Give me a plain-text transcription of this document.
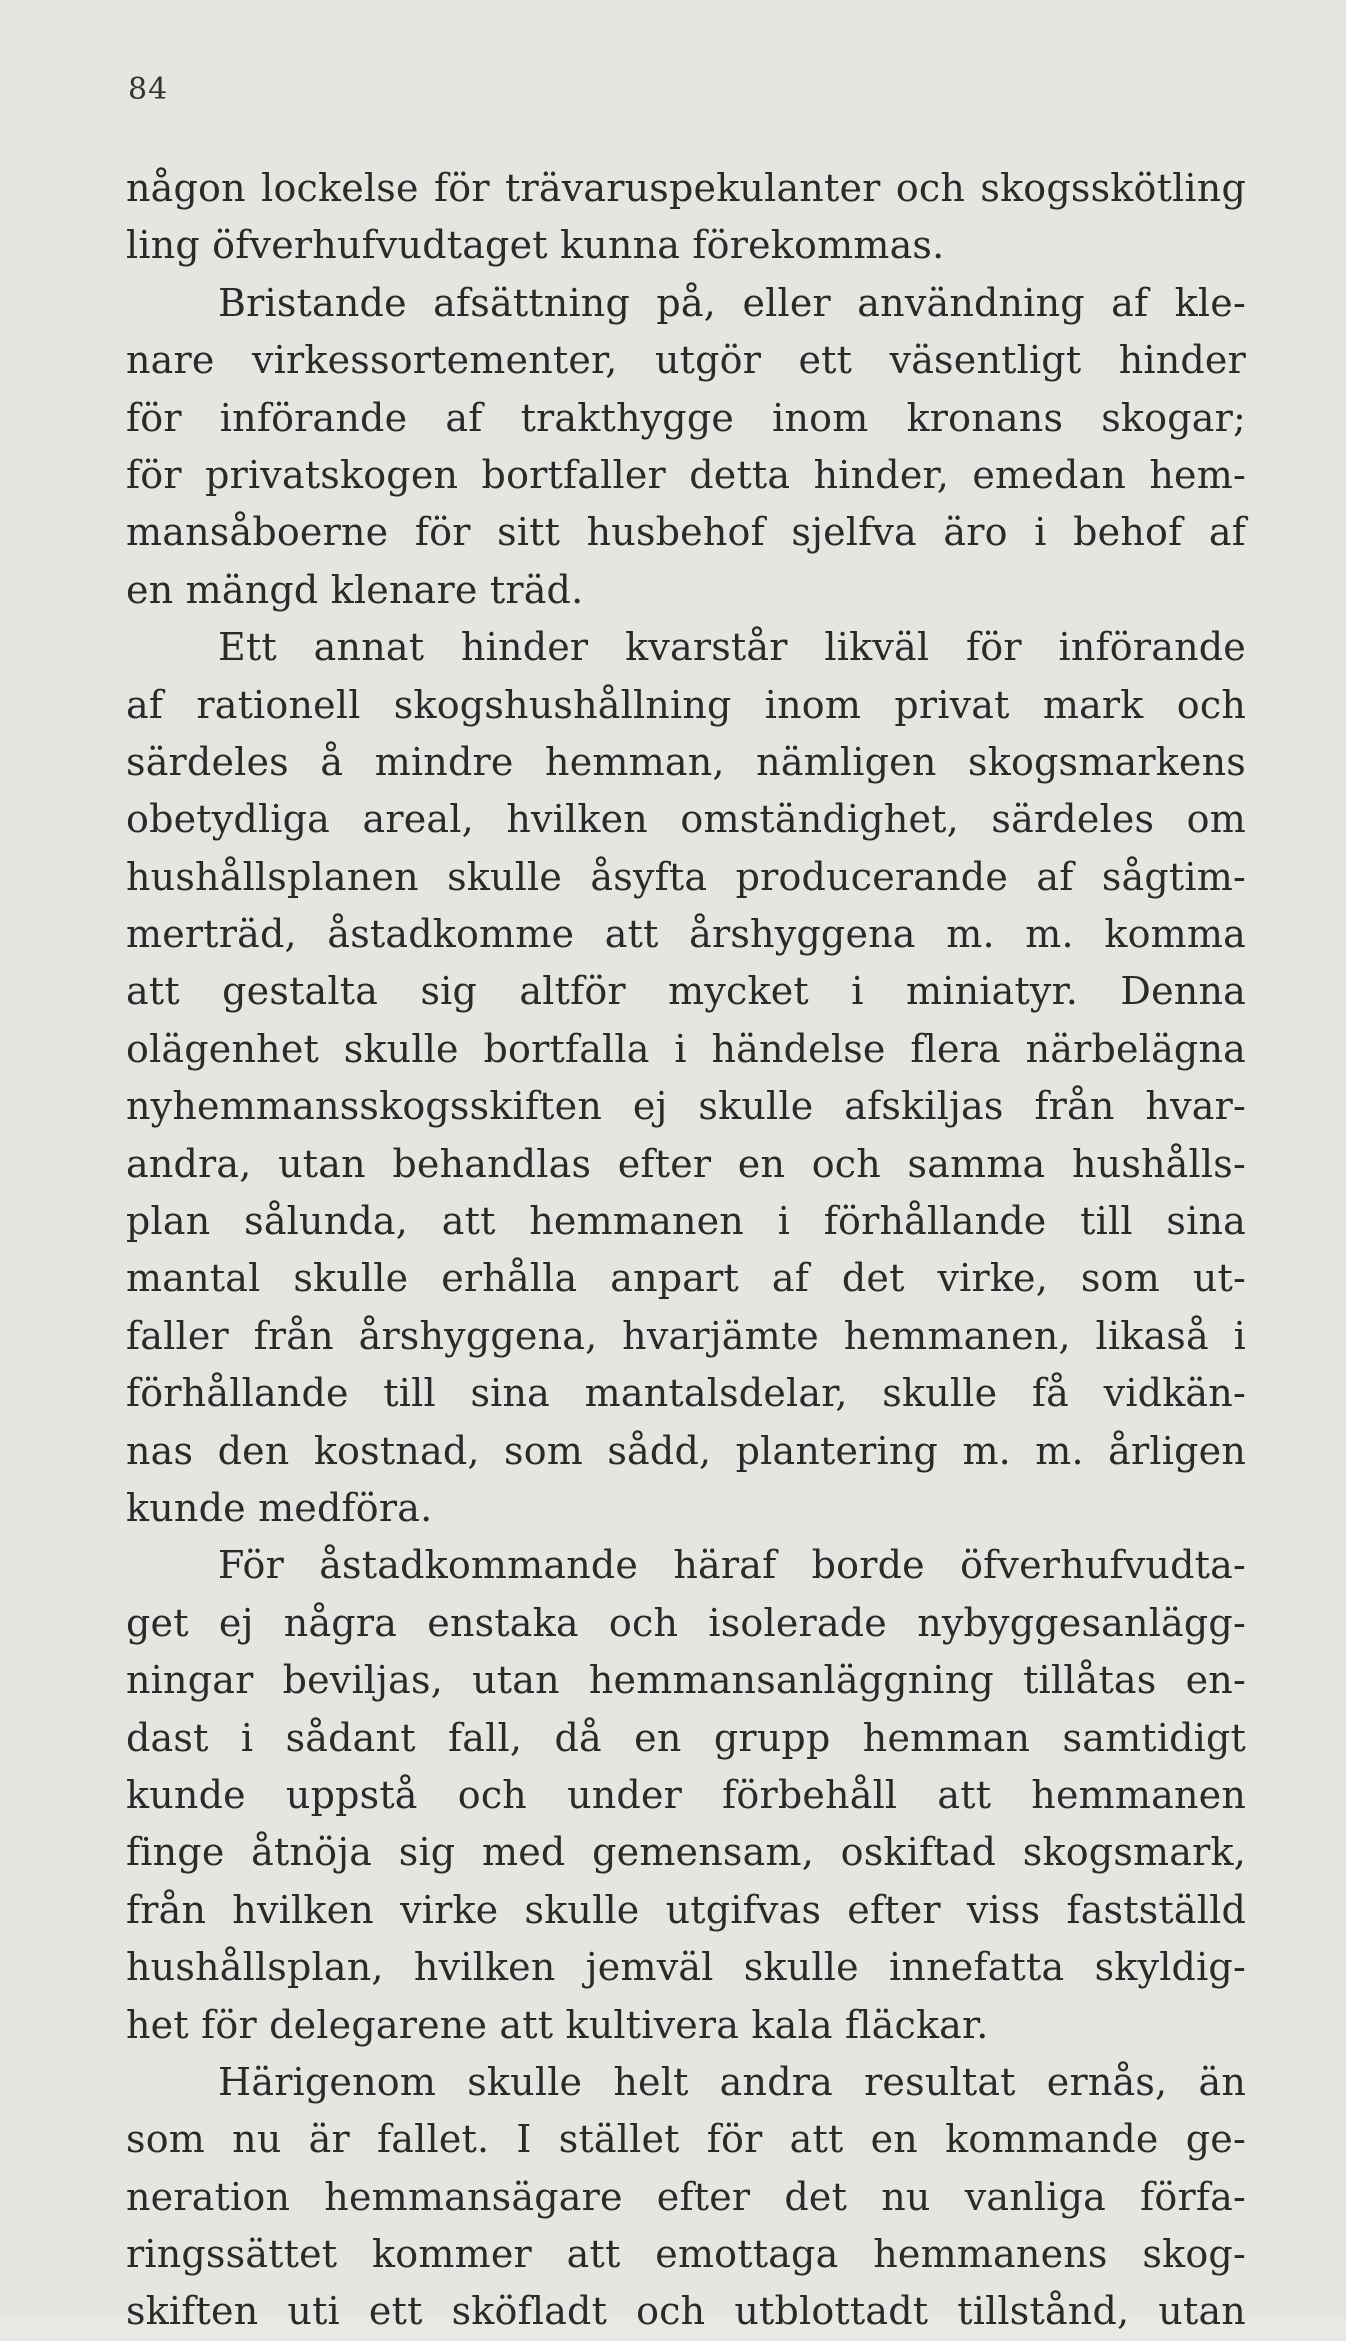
84
någon lockelse för trävaruspekulanter och skogsskötling
ling öfverhufvudtaget kunna förekommas.
Bristande afsättning på, eller användning af kle-
nare virkessortementer, utgör ett väsentligt hinder
för införande af trakthygge inom kronans skogar;
för privatskogen bortfaller detta hinder, emedan hem-
mansåboerne för sitt husbehof sjelfva äro i behof af
en mängd klenare träd.
Ett annat hinder kvarstår likväl för införande
af rationell skogshushållning inom privat mark och
särdeles å mindre hemman, nämligen skogsmarkens
obetydliga areal, hvilken omständighet, särdeles om
hushållsplanen skulle åsyfta producerande af sågtim-
merträd, åstadkomme att årshyggena m. m. komma
att gestalta sig altför mycket i miniatyr. Denna
olägenhet skulle bortfalla i händelse flera närbelägna
nyhemmansskogsskiften ej skulle afskiljas från hvar-
andra, utan behandlas efter en och samma hushålls-
plan sålunda, att hemmanen i förhållande till sina
mantal skulle erhålla anpart af det virke, som ut-
faller från årshyggena, hvarjämte hemmanen, likaså i
förhållande till sina mantalsdelar, skulle få vidkän-
nas den kostnad, som sådd, plantering m. m. årligen
kunde medföra.
För åstadkommande häraf borde öfverhufvudta-
get ej några enstaka och isolerade nybyggesanlägg-
ningar beviljas, utan hemmansanläggning tillåtas en-
dast i sådant fall, då en grupp hemman samtidigt
kunde uppstå och under förbehåll att hemmanen
finge åtnöja sig med gemensam, oskiftad skogsmark,
från hvilken virke skulle utgifvas efter viss fastställd
hushållsplan, hvilken jemväl skulle innefatta skyldig-
het för delegarene att kultivera kala fläckar.
Härigenom skulle helt andra resultat ernås, än
som nu är fallet. I stället för att en kommande ge-
neration hemmansägare efter det nu vanliga förfa-
ringssättet kommer att emottaga hemmanens skog-
skiften uti ett sköfladt och utblottadt tillstånd, utan
